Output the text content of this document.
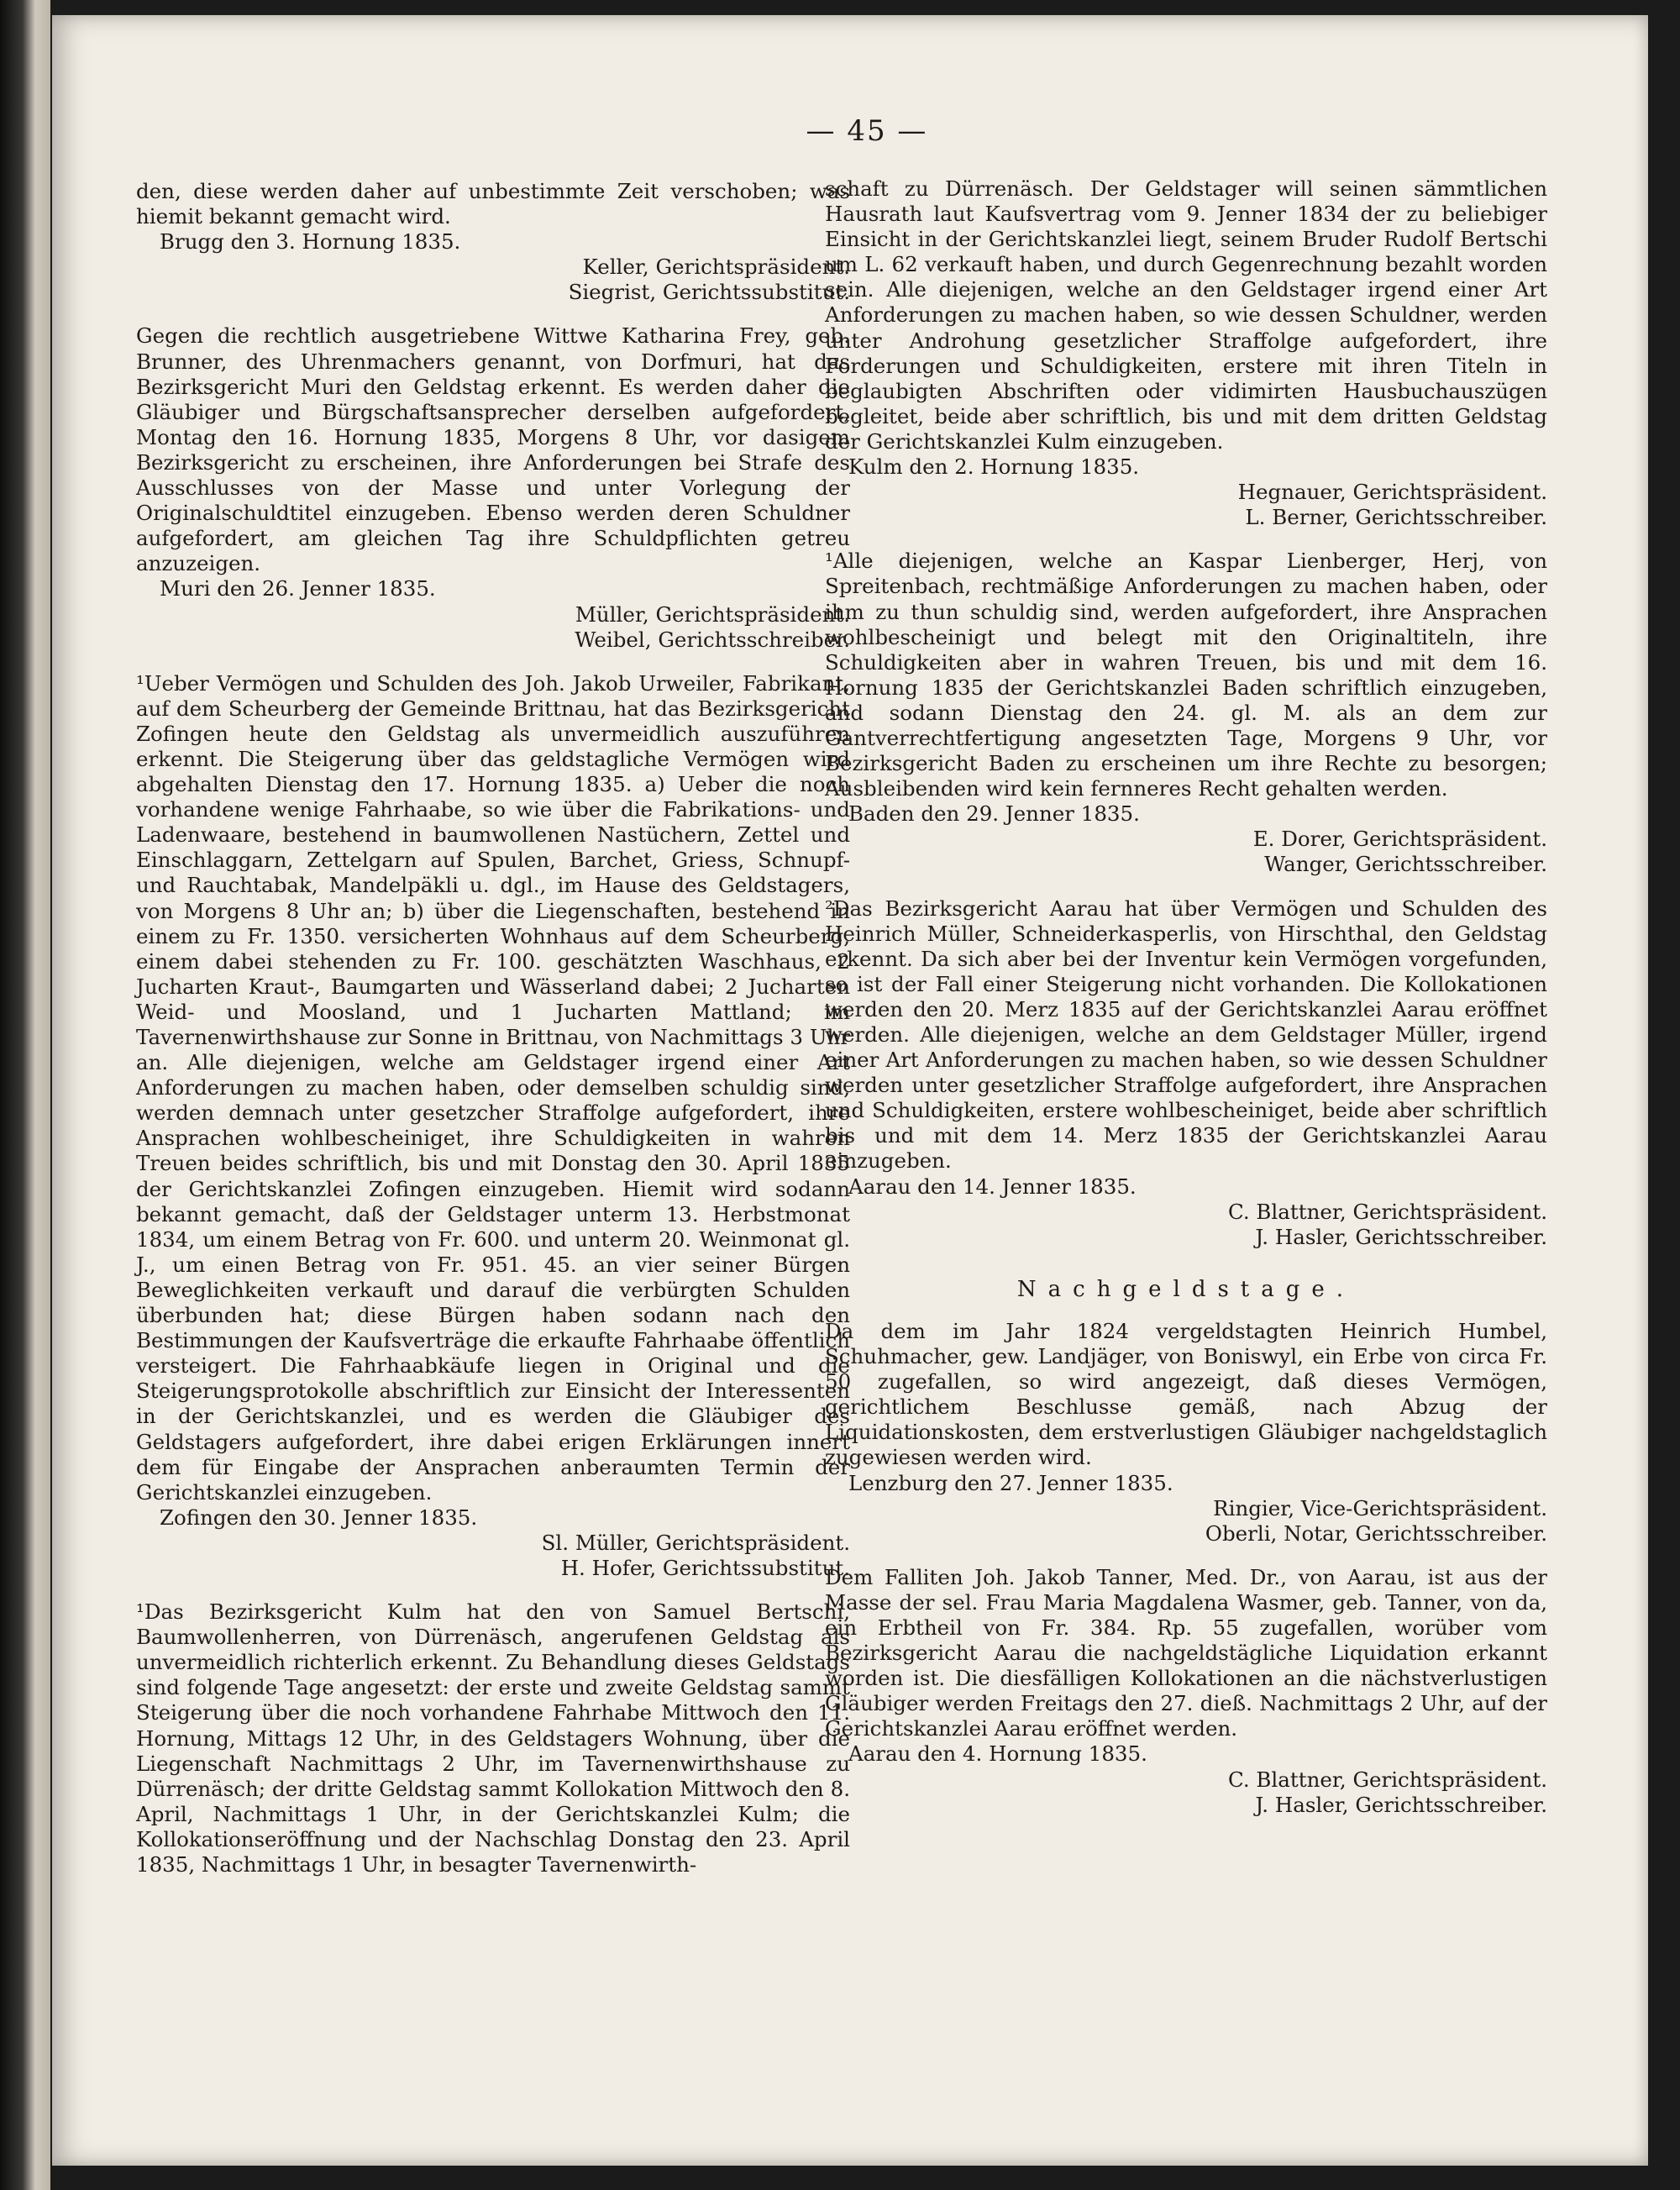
— 45 —

den, diese werden daher auf unbestimmte Zeit verschoben; was hiemit bekannt gemacht wird.

Brugg den 3. Hornung 1835.

Keller, Gerichtspräsident.

Siegrist, Gerichtssubstitut.

Gegen die rechtlich ausgetriebene Wittwe Katharina Frey, geb. Brunner, des Uhrenmachers genannt, von Dorfmuri, hat das Bezirksgericht Muri den Geldstag erkennt. Es werden daher die Gläubiger und Bürgschaftsansprecher derselben aufgefordert, Montag den 16. Hornung 1835, Morgens 8 Uhr, vor dasigem Bezirksgericht zu erscheinen, ihre Anforderungen bei Strafe des Ausschlusses von der Masse und unter Vorlegung der Originalschuldtitel einzugeben. Ebenso werden deren Schuldner aufgefordert, am gleichen Tag ihre Schuldpflichten getreu anzuzeigen.

Muri den 26. Jenner 1835.

Müller, Gerichtspräsident.

Weibel, Gerichtsschreiber.

¹Ueber Vermögen und Schulden des Joh. Jakob Urweiler, Fabrikant, auf dem Scheurberg der Gemeinde Brittnau, hat das Bezirksgericht Zofingen heute den Geldstag als unvermeidlich auszuführen erkennt. Die Steigerung über das geldstagliche Vermögen wird abgehalten Dienstag den 17. Hornung 1835. a) Ueber die noch vorhandene wenige Fahrhaabe, so wie über die Fabrikations- und Ladenwaare, bestehend in baumwollenen Nastüchern, Zettel und Einschlaggarn, Zettelgarn auf Spulen, Barchet, Griess, Schnupf- und Rauchtabak, Mandelpäkli u. dgl., im Hause des Geldstagers, von Morgens 8 Uhr an; b) über die Liegenschaften, bestehend in einem zu Fr. 1350. versicherten Wohnhaus auf dem Scheurberg, einem dabei stehenden zu Fr. 100. geschätzten Waschhaus, 2 Jucharten Kraut-, Baumgarten und Wässerland dabei; 2 Jucharten Weid- und Moosland, und 1 Jucharten Mattland; im Tavernenwirthshause zur Sonne in Brittnau, von Nachmittags 3 Uhr an. Alle diejenigen, welche am Geldstager irgend einer Art Anforderungen zu machen haben, oder demselben schuldig sind, werden demnach unter gesetzcher Straffolge aufgefordert, ihre Ansprachen wohlbescheiniget, ihre Schuldigkeiten in wahren Treuen beides schriftlich, bis und mit Donstag den 30. April 1835 der Gerichtskanzlei Zofingen einzugeben. Hiemit wird sodann bekannt gemacht, daß der Geldstager unterm 13. Herbstmonat 1834, um einem Betrag von Fr. 600. und unterm 20. Weinmonat gl. J., um einen Betrag von Fr. 951. 45. an vier seiner Bürgen Beweglichkeiten verkauft und darauf die verbürgten Schulden überbunden hat; diese Bürgen haben sodann nach den Bestimmungen der Kaufsverträge die erkaufte Fahrhaabe öffentlich versteigert. Die Fahrhaabkäufe liegen in Original und die Steigerungsprotokolle abschriftlich zur Einsicht der Interessenten in der Gerichtskanzlei, und es werden die Gläubiger des Geldstagers aufgefordert, ihre dabei erigen Erklärungen innert dem für Eingabe der Ansprachen anberaumten Termin der Gerichtskanzlei einzugeben.

Zofingen den 30. Jenner 1835.

Sl. Müller, Gerichtspräsident.

H. Hofer, Gerichtssubstitut.

¹Das Bezirksgericht Kulm hat den von Samuel Bertschi, Baumwollenherren, von Dürrenäsch, angerufenen Geldstag als unvermeidlich richterlich erkennt. Zu Behandlung dieses Geldstags sind folgende Tage angesetzt: der erste und zweite Geldstag sammt Steigerung über die noch vorhandene Fahrhabe Mittwoch den 11. Hornung, Mittags 12 Uhr, in des Geldstagers Wohnung, über die Liegenschaft Nachmittags 2 Uhr, im Tavernenwirthshause zu Dürrenäsch; der dritte Geldstag sammt Kollokation Mittwoch den 8. April, Nachmittags 1 Uhr, in der Gerichtskanzlei Kulm; die Kollokationseröffnung und der Nachschlag Donstag den 23. April 1835, Nachmittags 1 Uhr, in besagter Tavernenwirth-

schaft zu Dürrenäsch. Der Geldstager will seinen sämmtlichen Hausrath laut Kaufsvertrag vom 9. Jenner 1834 der zu beliebiger Einsicht in der Gerichtskanzlei liegt, seinem Bruder Rudolf Bertschi um L. 62 verkauft haben, und durch Gegenrechnung bezahlt worden sein. Alle diejenigen, welche an den Geldstager irgend einer Art Anforderungen zu machen haben, so wie dessen Schuldner, werden unter Androhung gesetzlicher Straffolge aufgefordert, ihre Forderungen und Schuldigkeiten, erstere mit ihren Titeln in beglaubigten Abschriften oder vidimirten Hausbuchauszügen begleitet, beide aber schriftlich, bis und mit dem dritten Geldstag der Gerichtskanzlei Kulm einzugeben.

Kulm den 2. Hornung 1835.

Hegnauer, Gerichtspräsident.

L. Berner, Gerichtsschreiber.

¹Alle diejenigen, welche an Kaspar Lienberger, Herj, von Spreitenbach, rechtmäßige Anforderungen zu machen haben, oder ihm zu thun schuldig sind, werden aufgefordert, ihre Ansprachen wohlbescheinigt und belegt mit den Originaltiteln, ihre Schuldigkeiten aber in wahren Treuen, bis und mit dem 16. Hornung 1835 der Gerichtskanzlei Baden schriftlich einzugeben, and sodann Dienstag den 24. gl. M. als an dem zur Gantverrechtfertigung angesetzten Tage, Morgens 9 Uhr, vor Bezirksgericht Baden zu erscheinen um ihre Rechte zu besorgen; Ausbleibenden wird kein fernneres Recht gehalten werden.

Baden den 29. Jenner 1835.

E. Dorer, Gerichtspräsident.

Wanger, Gerichtsschreiber.

²Das Bezirksgericht Aarau hat über Vermögen und Schulden des Heinrich Müller, Schneiderkasperlis, von Hirschthal, den Geldstag erkennt. Da sich aber bei der Inventur kein Vermögen vorgefunden, so ist der Fall einer Steigerung nicht vorhanden. Die Kollokationen werden den 20. Merz 1835 auf der Gerichtskanzlei Aarau eröffnet werden. Alle diejenigen, welche an dem Geldstager Müller, irgend einer Art Anforderungen zu machen haben, so wie dessen Schuldner werden unter gesetzlicher Straffolge aufgefordert, ihre Ansprachen und Schuldigkeiten, erstere wohlbescheiniget, beide aber schriftlich bis und mit dem 14. Merz 1835 der Gerichtskanzlei Aarau einzugeben.

Aarau den 14. Jenner 1835.

C. Blattner, Gerichtspräsident.

J. Hasler, Gerichtsschreiber.

Nachgeldstage.

Da dem im Jahr 1824 vergeldstagten Heinrich Humbel, Schuhmacher, gew. Landjäger, von Boniswyl, ein Erbe von circa Fr. 50 zugefallen, so wird angezeigt, daß dieses Vermögen, gerichtlichem Beschlusse gemäß, nach Abzug der Liquidationskosten, dem erstverlustigen Gläubiger nachgeldstaglich zugewiesen werden wird.

Lenzburg den 27. Jenner 1835.

Ringier, Vice-Gerichtspräsident.

Oberli, Notar, Gerichtsschreiber.

Dem Falliten Joh. Jakob Tanner, Med. Dr., von Aarau, ist aus der Masse der sel. Frau Maria Magdalena Wasmer, geb. Tanner, von da, ein Erbtheil von Fr. 384. Rp. 55 zugefallen, worüber vom Bezirksgericht Aarau die nachgeldstägliche Liquidation erkannt worden ist. Die diesfälligen Kollokationen an die nächstverlustigen Gläubiger werden Freitags den 27. dieß. Nachmittags 2 Uhr, auf der Gerichtskanzlei Aarau eröffnet werden.

Aarau den 4. Hornung 1835.

C. Blattner, Gerichtspräsident.

J. Hasler, Gerichtsschreiber.
